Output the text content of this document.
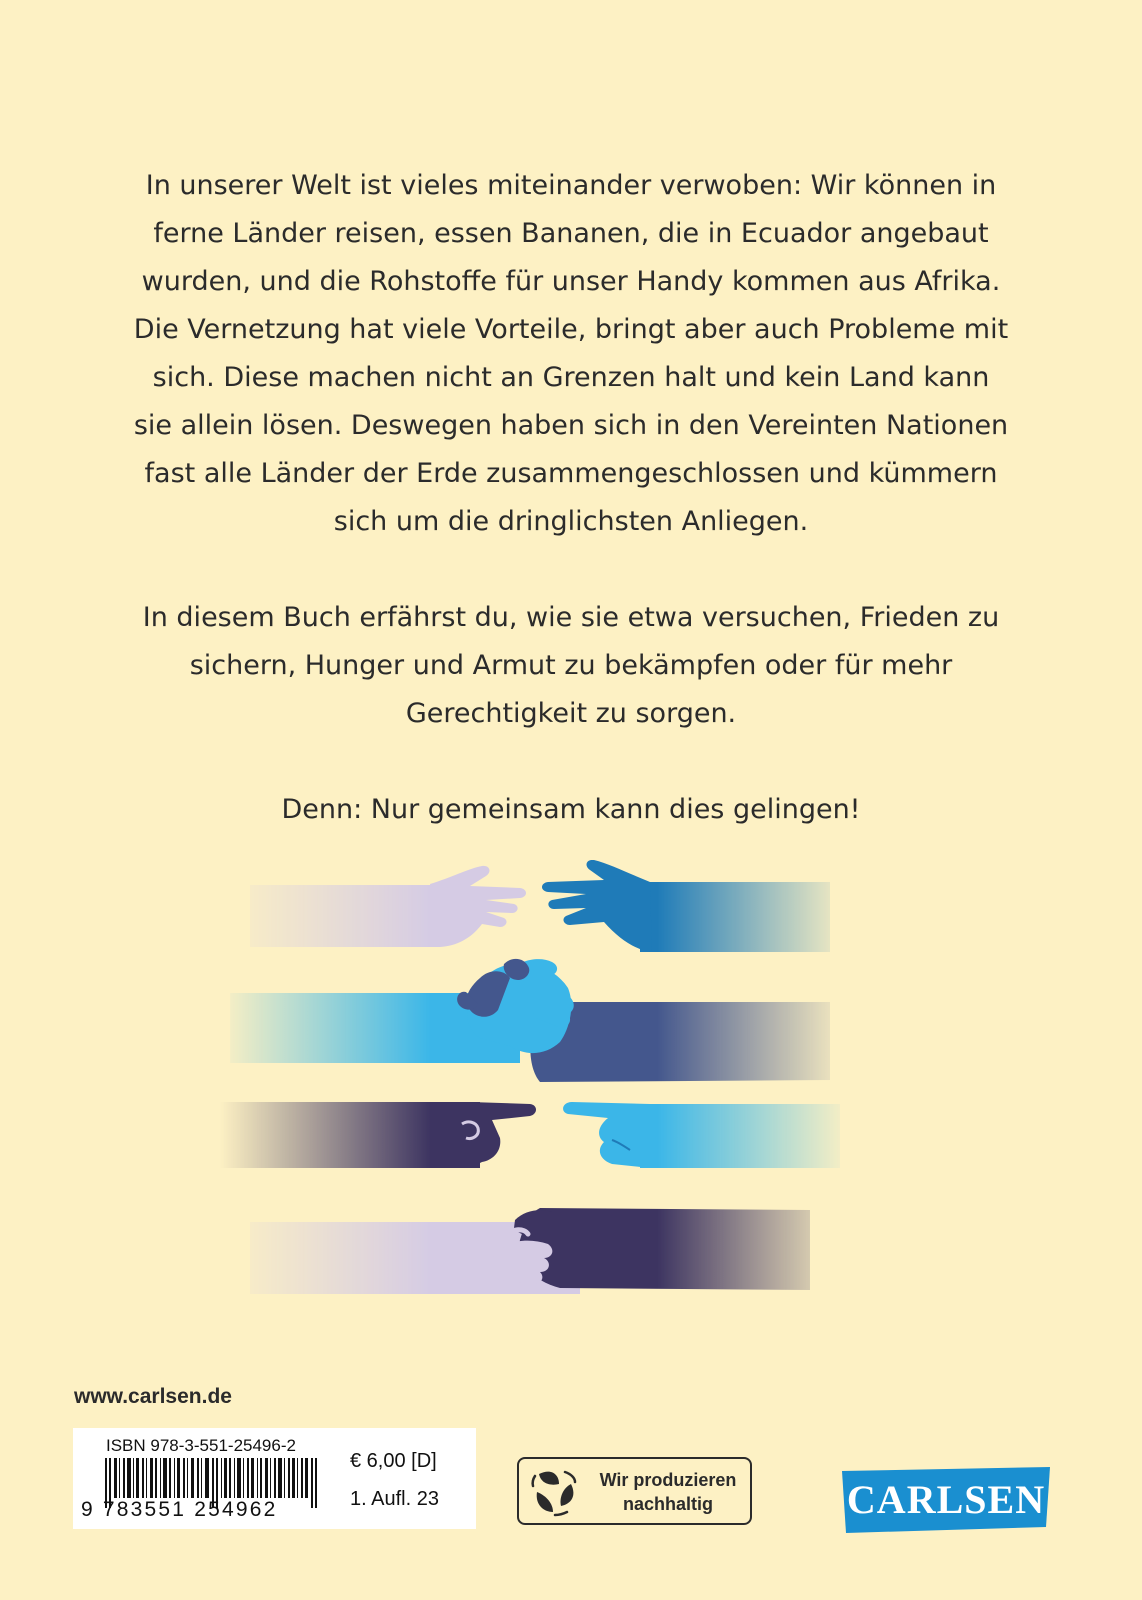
In unserer Welt ist vieles miteinander verwoben: Wir können in ferne Länder reisen, essen Bananen, die in Ecuador angebaut wurden, und die Rohstoffe für unser Handy kommen aus Afrika. Die Vernetzung hat viele Vorteile, bringt aber auch Probleme mit sich. Diese machen nicht an Grenzen halt und kein Land kann sie allein lösen. Deswegen haben sich in den Vereinten Nationen fast alle Länder der Erde zusammengeschlossen und kümmern sich um die dringlichsten Anliegen.

In diesem Buch erfährst du, wie sie etwa versuchen, Frieden zu sichern, Hunger und Armut zu bekämpfen oder für mehr Gerechtigkeit zu sorgen.

Denn: Nur gemeinsam kann dies gelingen!

www.carlsen.de
ISBN 978-3-551-25496-2
9 783551 254962
€ 6,00 [D]
1. Aufl. 23
Wir produzieren
nachhaltig	CARLSEN
